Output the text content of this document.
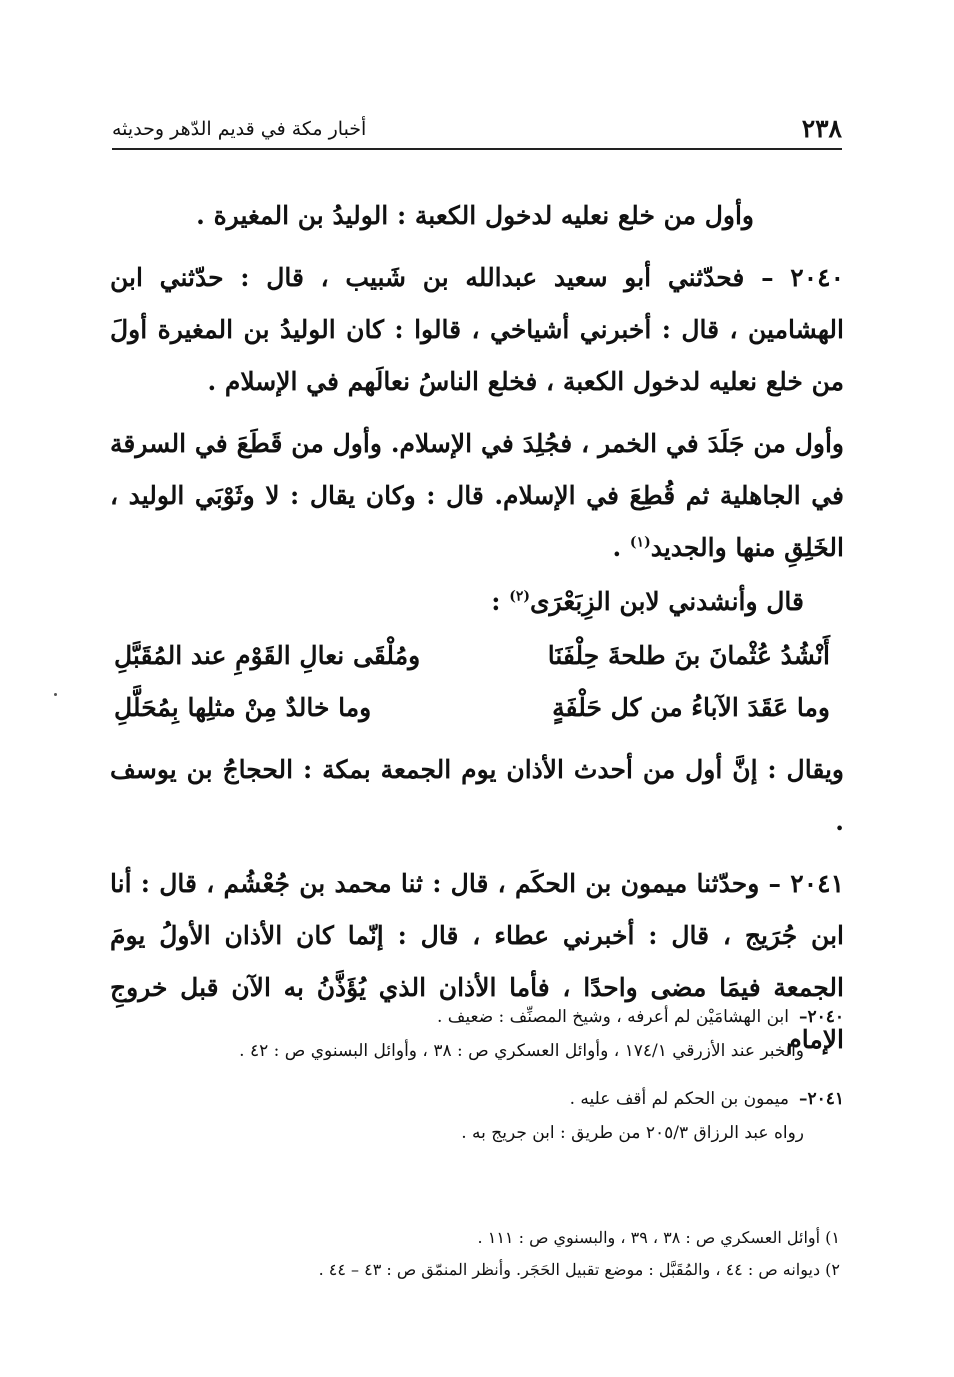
٢٣٨
أخبار مكة في قديم الدّهر وحديثه

وأول من خلع نعليه لدخول الكعبة : الوليدُ بن المغيرة .

٢٠٤٠ – فحدّثني أبو سعيد عبدالله بن شَبيب ، قال : حدّثني ابن الهشامين ، قال : أخبرني أشياخي ، قالوا : كان الوليدُ بن المغيرة أولَ من خلع نعليه لدخول الكعبة ، فخلع الناسُ نعالَهم في الإسلام .

وأول من جَلَدَ في الخمر ، فجُلِدَ في الإسلام. وأول من قَطَعَ في السرقة في الجاهلية ثم قُطِعَ في الإسلام. قال : وكان يقال : لا وثَوْبَي الوليد ، الخَلِقِ منها والجديد$^{(١)}$ .

قال وأنشدني لابن الزِبَعْرَى$^{(٢)}$ :

أَنْشُدُ عُثْمانَ بنَ طلحةَ حِلْفَنَا
ومُلْقَى نعالِ القَوْمِ عند المُقَبَّلِ
وما عَقَدَ الآباءُ من كل حَلْفَةٍ
وما خالدٌ مِنْ مثلِها بِمُحَلَّلِ

ويقال : إنَّ أول من أحدث الأذان يوم الجمعة بمكة : الحجاجُ بن يوسف .

٢٠٤١ – وحدّثنا ميمون بن الحكَم ، قال : ثنا محمد بن جُعْشُم ، قال : أنا ابن جُرَيج ، قال : أخبرني عطاء ، قال : إنّما كان الأذان الأولُ يومَ الجمعة فيمَا مضى واحدًا ، فأما الأذان الذي يُؤَذَّنُ به الآن قبل خروجِ الإمام

٢٠٤٠–ابن الهشامَيْن لم أعرفه ، وشيخ المصنِّف : ضعيف .
والخبر عند الأزرقي ١٧٤/١ ، وأوائل العسكري ص : ٣٨ ، وأوائل البسنوي ص : ٤٢ .
٢٠٤١–ميمون بن الحكم لم أقف عليه .
رواه عبد الرزاق ٢٠٥/٣ من طريق : ابن جريج به .
١) أوائل العسكري ص : ٣٨ ، ٣٩ ، والبسنوي ص : ١١١ .
٢) ديوانه ص : ٤٤ ، والمُقَبَّل : موضع تقبيل الحَجَر. وأنظر المنمّق ص : ٤٣ – ٤٤ .
